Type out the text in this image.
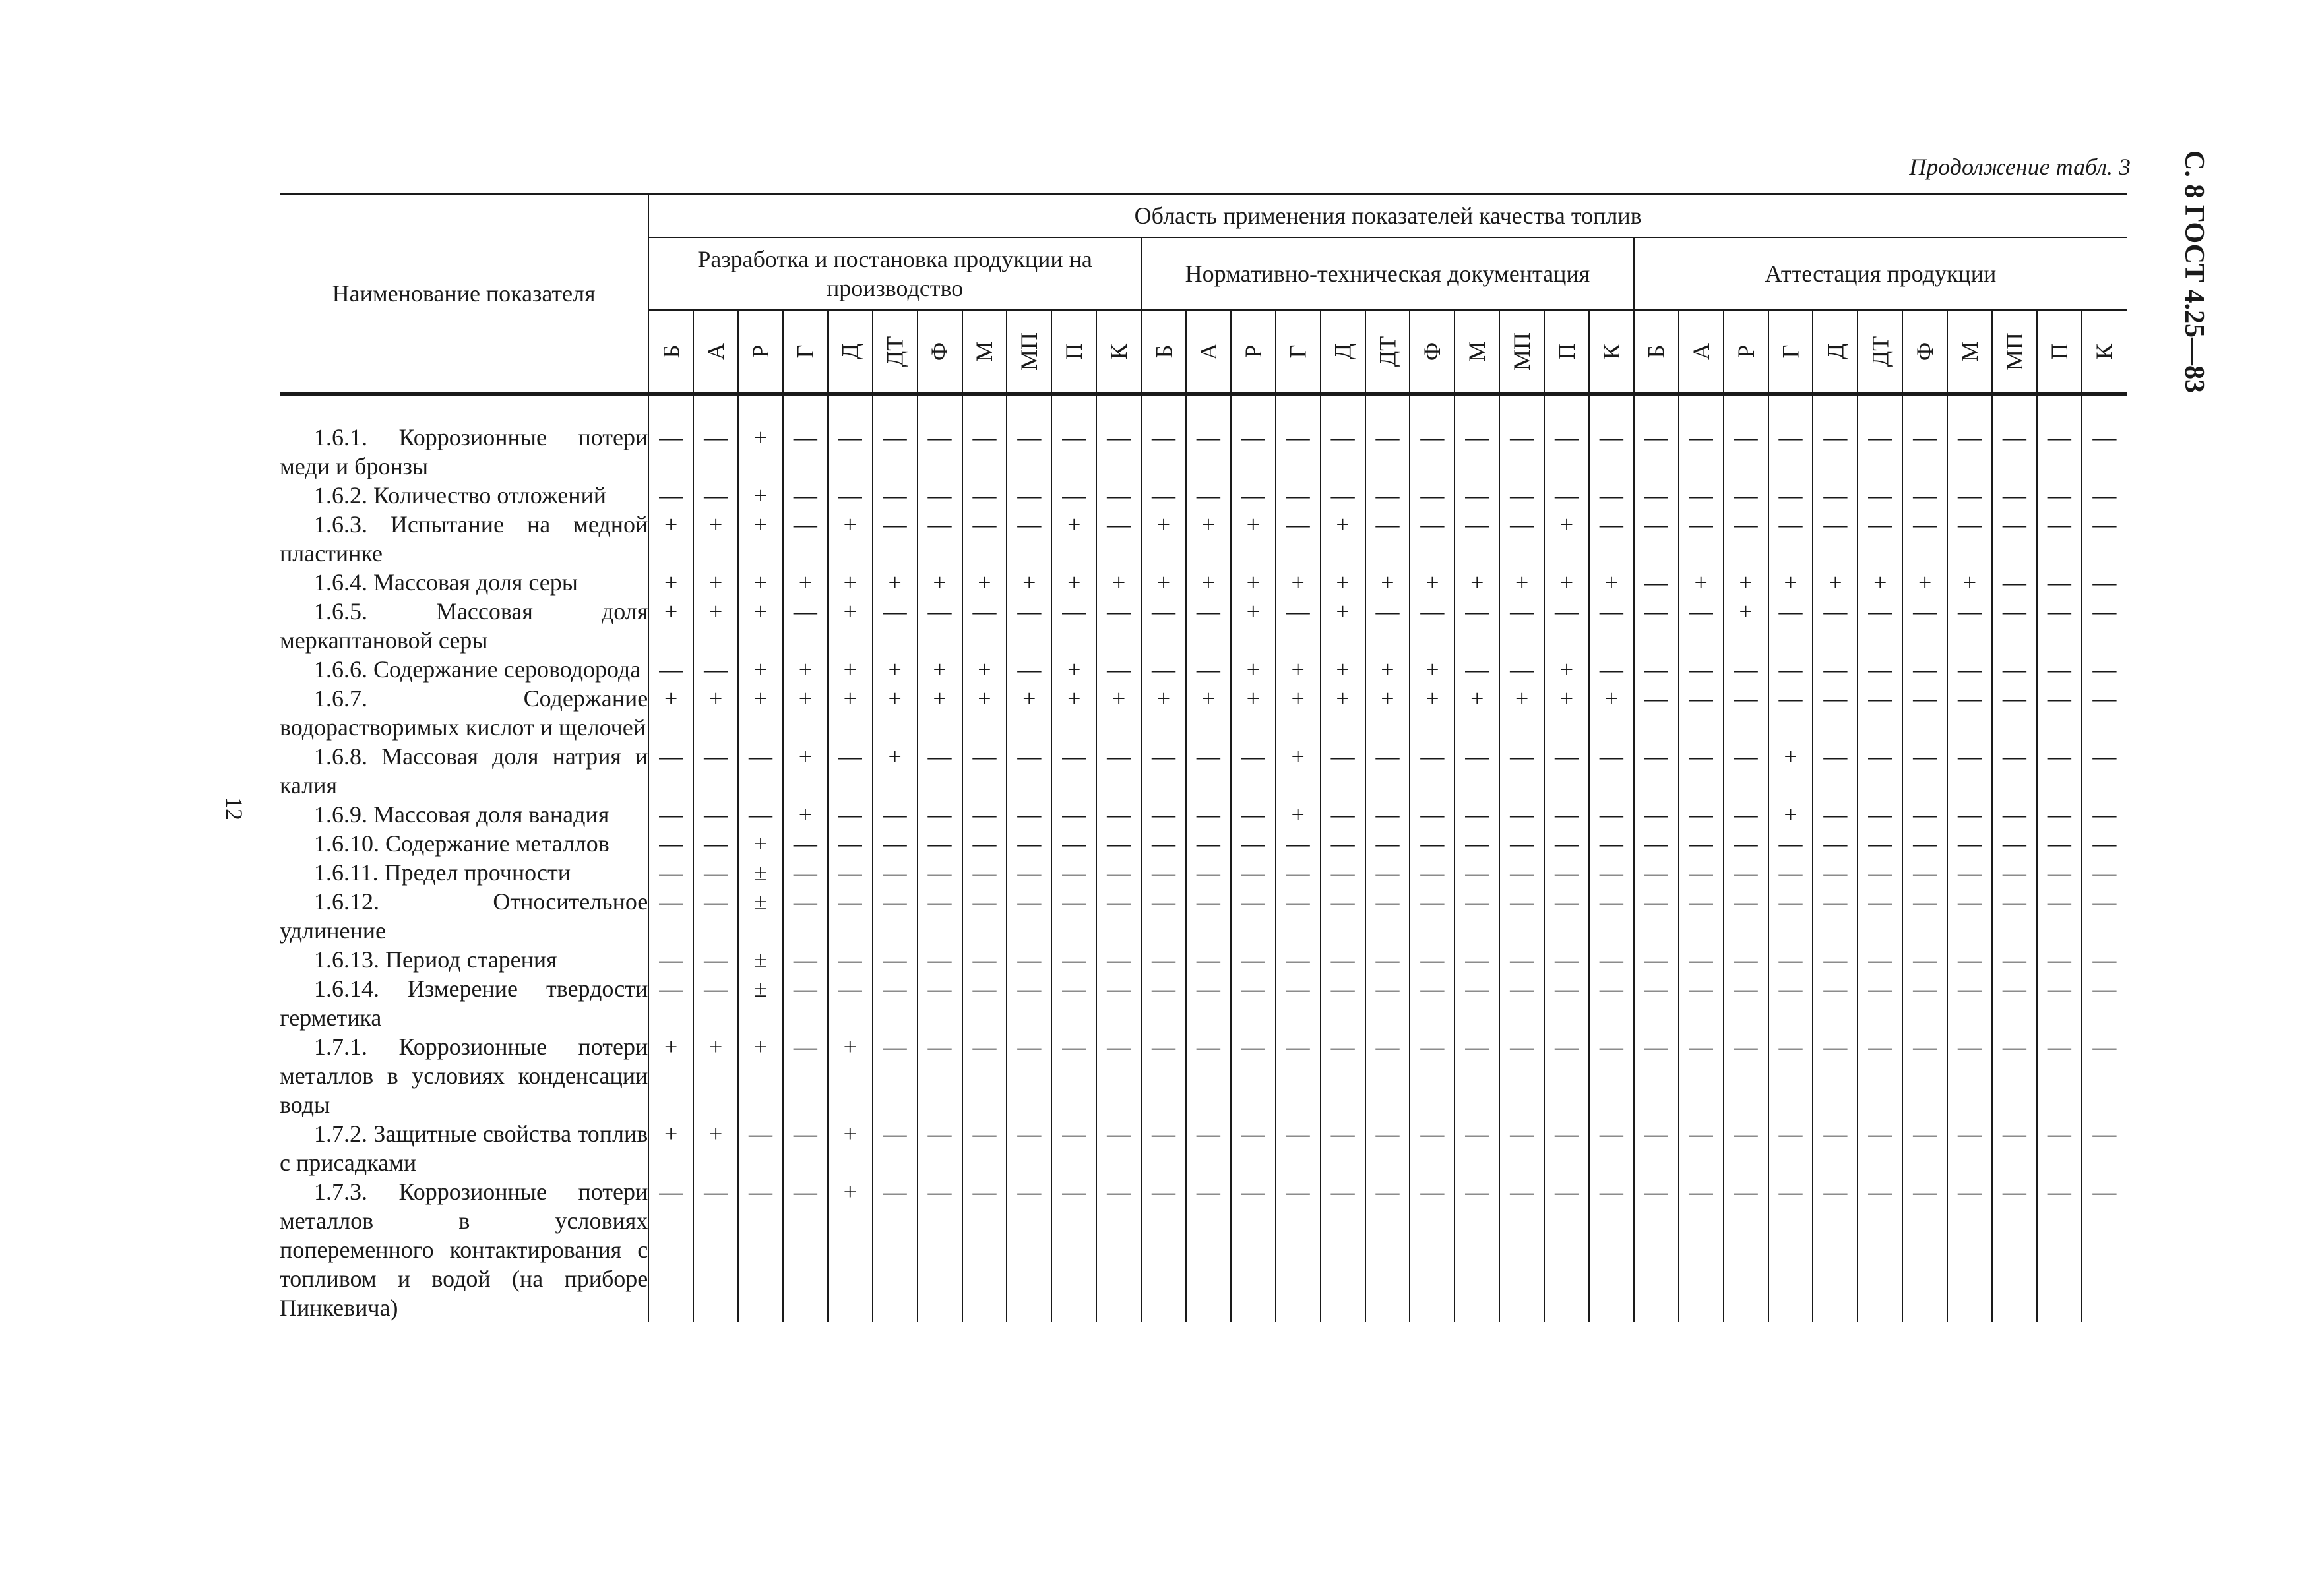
Продолжение табл. 3 С. 8 ГОСТ 4.25—83
12
Наименование показателя	Область применения показателей качества топлив																																
	Разработка и постановка продукции на производство											Нормативно-техническая документация											Аттестация продукции										
	Б	А	Р	Г	Д	ДТ	Ф	М	МП	П	К	Б	А	Р	Г	Д	ДТ	Ф	М	МП	П	К	Б	А	Р	Г	Д	ДТ	Ф	М	МП	П	К

1.6.1. Коррозионные потери меди и бронзы	—	—	+	—	—	—	—	—	—	—	—	—	—	—	—	—	—	—	—	—	—	—	—	—	—	—	—	—	—	—	—	—	—

1.6.2. Количество отложений	—	—	+	—	—	—	—	—	—	—	—	—	—	—	—	—	—	—	—	—	—	—	—	—	—	—	—	—	—	—	—	—	—

1.6.3. Испытание на медной пластинке	+	+	+	—	+	—	—	—	—	+	—	+	+	+	—	+	—	—	—	—	+	—	—	—	—	—	—	—	—	—	—	—	—

1.6.4. Массовая доля серы	+	+	+	+	+	+	+	+	+	+	+	+	+	+	+	+	+	+	+	+	+	+	—	+	+	+	+	+	+	+	—	—	—

1.6.5. Массовая доля меркаптановой серы	+	+	+	—	+	—	—	—	—	—	—	—	—	+	—	+	—	—	—	—	—	—	—	—	+	—	—	—	—	—	—	—	—

1.6.6. Содержание сероводорода	—	—	+	+	+	+	+	+	—	+	—	—	—	+	+	+	+	+	—	—	+	—	—	—	—	—	—	—	—	—	—	—	—

1.6.7. Содержание водорастворимых кислот и щелочей	+	+	+	+	+	+	+	+	+	+	+	+	+	+	+	+	+	+	+	+	+	+	—	—	—	—	—	—	—	—	—	—	—

1.6.8. Массовая доля натрия и калия	—	—	—	+	—	+	—	—	—	—	—	—	—	—	+	—	—	—	—	—	—	—	—	—	—	+	—	—	—	—	—	—	—

1.6.9. Массовая доля ванадия	—	—	—	+	—	—	—	—	—	—	—	—	—	—	+	—	—	—	—	—	—	—	—	—	—	+	—	—	—	—	—	—	—

1.6.10. Содержание металлов	—	—	+	—	—	—	—	—	—	—	—	—	—	—	—	—	—	—	—	—	—	—	—	—	—	—	—	—	—	—	—	—	—

1.6.11. Предел прочности	—	—	±	—	—	—	—	—	—	—	—	—	—	—	—	—	—	—	—	—	—	—	—	—	—	—	—	—	—	—	—	—	—

1.6.12. Относительное удлинение	—	—	±	—	—	—	—	—	—	—	—	—	—	—	—	—	—	—	—	—	—	—	—	—	—	—	—	—	—	—	—	—	—

1.6.13. Период старения	—	—	±	—	—	—	—	—	—	—	—	—	—	—	—	—	—	—	—	—	—	—	—	—	—	—	—	—	—	—	—	—	—

1.6.14. Измерение твердости герметика	—	—	±	—	—	—	—	—	—	—	—	—	—	—	—	—	—	—	—	—	—	—	—	—	—	—	—	—	—	—	—	—	—

1.7.1. Коррозионные потери металлов в условиях конденсации воды	+	+	+	—	+	—	—	—	—	—	—	—	—	—	—	—	—	—	—	—	—	—	—	—	—	—	—	—	—	—	—	—	—

1.7.2. Защитные свойства топлив с присадками	+	+	—	—	+	—	—	—	—	—	—	—	—	—	—	—	—	—	—	—	—	—	—	—	—	—	—	—	—	—	—	—	—

1.7.3. Коррозионные потери металлов в условиях попеременного контактирования с топливом и водой (на приборе Пинкевича)	—	—	—	—	+	—	—	—	—	—	—	—	—	—	—	—	—	—	—	—	—	—	—	—	—	—	—	—	—	—	—	—	—
